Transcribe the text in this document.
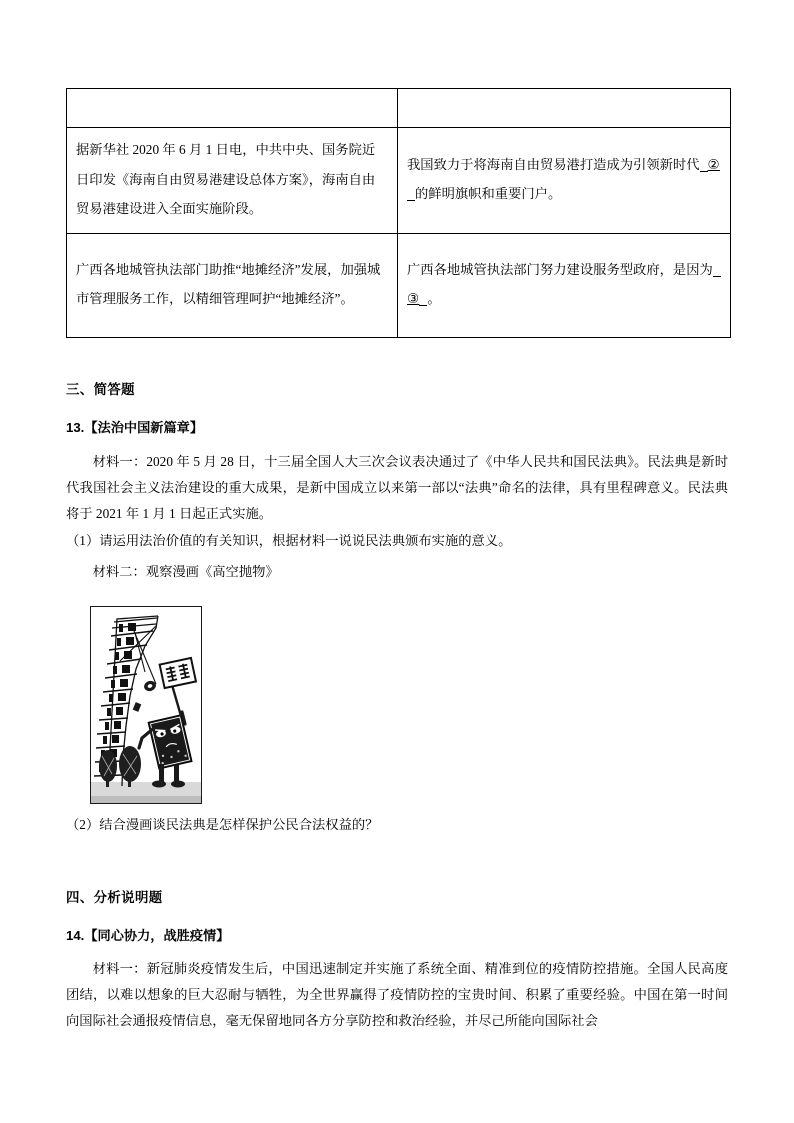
据新华社 2020 年 6 月 1 日电，中共中央、国务院近日印发《海南自由贸易港建设总体方案》，海南自由贸易港建设进入全面实施阶段。	我国致力于将海南自由贸易港打造成为引领新时代 ②的鲜明旗帜和重要门户。
广西各地城管执法部门助推“地摊经济”发展，加强城市管理服务工作，以精细管理呵护“地摊经济”。	广西各地城管执法部门努力建设服务型政府，是因为③ 。
三、简答题
13.【法治中国新篇章】
材料一：2020 年 5 月 28 日，十三届全国人大三次会议表决通过了《中华人民共和国民法典》。民法典是新时代我国社会主义法治建设的重大成果，是新中国成立以来第一部以“法典”命名的法律，具有里程碑意义。民法典将于 2021 年 1 月 1 日起正式实施。
（1）请运用法治价值的有关知识，根据材料一说说民法典颁布实施的意义。
材料二：观察漫画《高空抛物》
（2）结合漫画谈民法典是怎样保护公民合法权益的？
四、分析说明题
14.【同心协力，战胜疫情】
材料一：新冠肺炎疫情发生后，中国迅速制定并实施了系统全面、精准到位的疫情防控措施。全国人民高度团结，以难以想象的巨大忍耐与牺牲，为全世界赢得了疫情防控的宝贵时间、积累了重要经验。中国在第一时间向国际社会通报疫情信息，毫无保留地同各方分享防控和救治经验，并尽己所能向国际社会
